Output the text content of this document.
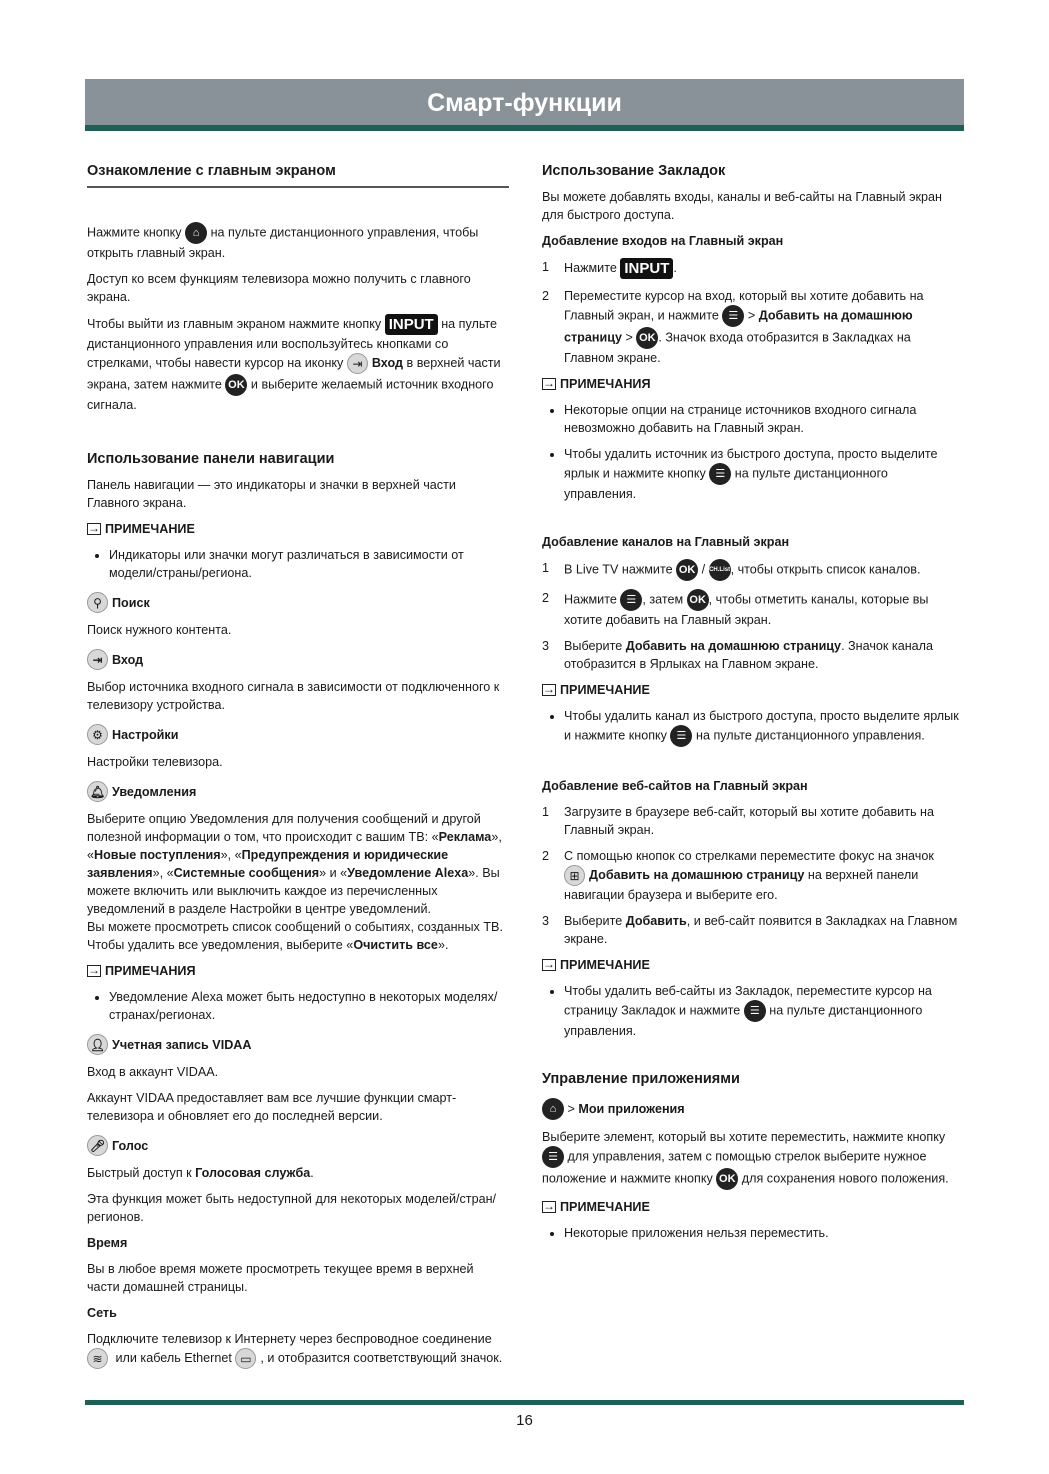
Смарт-функции
Ознакомление с главным экраном

Нажмите кнопку ⌂ на пульте дистанционного управления, чтобы открыть главный экран.

Доступ ко всем функциям телевизора можно получить с главного экрана.

Чтобы выйти из главным экраном нажмите кнопку INPUT на пульте дистанционного управления или воспользуйтесь кнопками со стрелками, чтобы навести курсор на иконку ⇥ Вход в верхней части экрана, затем нажмите OK и выберите желаемый источник входного сигнала.

Использование панели навигации

Панель навигации — это индикаторы и значки в верхней части Главного экрана.

→
ПРИМЕЧАНИЕ
• Индикаторы или значки могут различаться в зависимости от модели/страны/региона.
⚲ Поиск

Поиск нужного контента.

⇥ Вход

Выбор источника входного сигнала в зависимости от подключенного к телевизору устройства.

⚙ Настройки

Настройки телевизора.

🔔︎ Уведомления

Выберите опцию Уведомления для получения сообщений и другой полезной информации о том, что происходит с вашим ТВ: «Реклама», «Новые поступления», «Предупреждения и юридические заявления», «Системные сообщения» и «Уведомление Alexa». Вы можете включить или выключить каждое из перечисленных уведомлений в разделе Настройки в центре уведомлений.

Вы можете просмотреть список сообщений о событиях, созданных ТВ.

Чтобы удалить все уведомления, выберите «Очистить все».

→
ПРИМЕЧАНИЯ
• Уведомление Alexa может быть недоступно в некоторых моделях/странах/регионах.
👤︎ Учетная запись VIDAA

Вход в аккаунт VIDAA.

Аккаунт VIDAA предоставляет вам все лучшие функции смарт-телевизора и обновляет его до последней версии.

🎤︎ Голос

Быстрый доступ к Голосовая служба.

Эта функция может быть недоступной для некоторых моделей/стран/регионов.

Время

Вы в любое время можете просмотреть текущее время в верхней части домашней страницы.

Сеть

Подключите телевизор к Интернету через беспроводное соединение ≋ или кабель Ethernet ▭ , и отобразится соответствующий значок.

Использование Закладок

Вы можете добавлять входы, каналы и веб-сайты на Главный экран для быстрого доступа.

Добавление входов на Главный экран
1	Нажмите INPUT .
2	Переместите курсор на вход, который вы хотите добавить на Главный экран, и нажмите ☰ > Добавить на домашнюю страницу > OK . Значок входа отобразится в Закладках на Главном экране.
→
ПРИМЕЧАНИЯ
• Некоторые опции на странице источников входного сигнала невозможно добавить на Главный экран.
• Чтобы удалить источник из быстрого доступа, просто выделите ярлык и нажмите кнопку ☰ на пульте дистанционного управления.
Добавление каналов на Главный экран
1	В Live TV нажмите OK / CH.List, чтобы открыть список каналов.
2	Нажмите ☰ , затем OK , чтобы отметить каналы, которые вы хотите добавить на Главный экран.
3	Выберите Добавить на домашнюю страницу. Значок канала отобразится в Ярлыках на Главном экране.
→
ПРИМЕЧАНИЕ
• Чтобы удалить канал из быстрого доступа, просто выделите ярлык и нажмите кнопку ☰ на пульте дистанционного управления.
Добавление веб-сайтов на Главный экран
1	Загрузите в браузере веб-сайт, который вы хотите добавить на Главный экран.
2	С помощью кнопок со стрелками переместите фокус на значок ⊞ Добавить на домашнюю страницу на верхней панели навигации браузера и выберите его.
3	Выберите Добавить, и веб-сайт появится в Закладках на Главном экране.
→
ПРИМЕЧАНИЕ
• Чтобы удалить веб-сайты из Закладок, переместите курсор на страницу Закладок и нажмите ☰ на пульте дистанционного управления.
Управление приложениями
⌂
>
Мои приложения

Выберите элемент, который вы хотите переместить, нажмите кнопку ☰ для управления, затем с помощью стрелок выберите нужное положение и нажмите кнопку OK для сохранения нового положения.

→
ПРИМЕЧАНИЕ
• Некоторые приложения нельзя переместить.
16
